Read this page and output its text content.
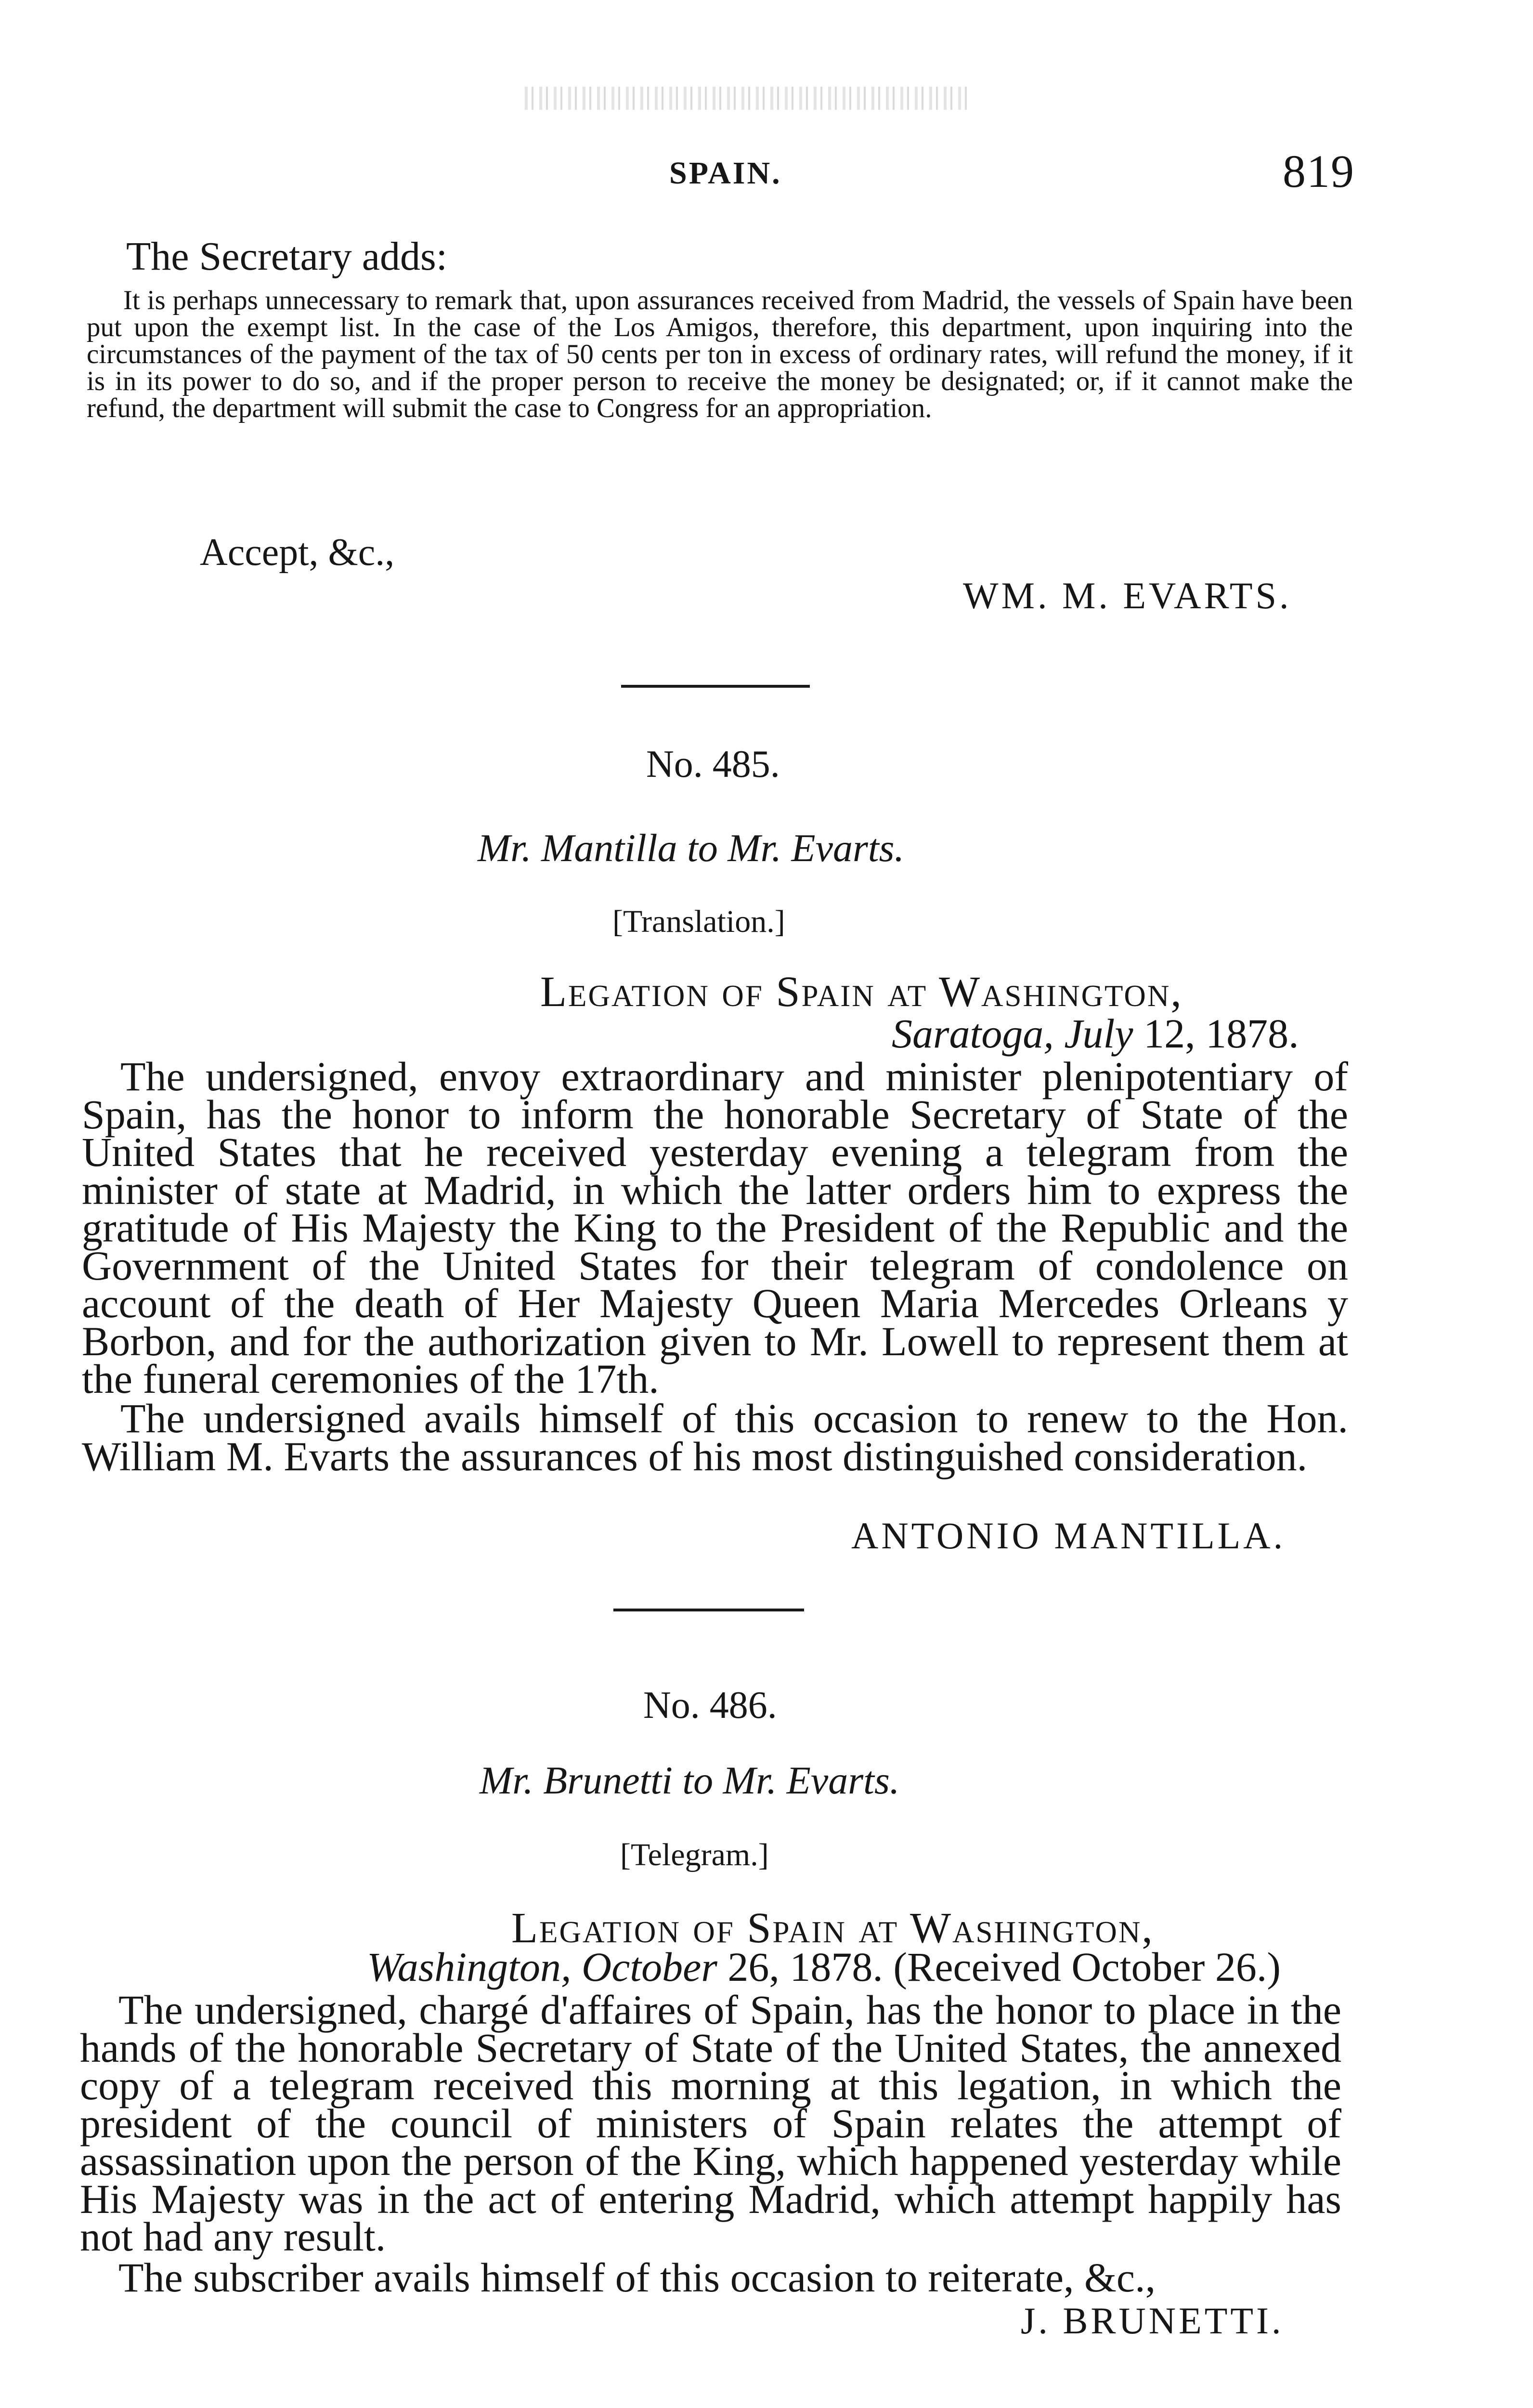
SPAIN.	819
The Secretary adds:
It is perhaps unnecessary to remark that, upon assurances received from Madrid, the vessels of Spain have been put upon the exempt list. In the case of the Los Amigos, therefore, this department, upon inquiring into the circumstances of the payment of the tax of 50 cents per ton in excess of ordinary rates, will refund the money, if it is in its power to do so, and if the proper person to receive the money be designated; or, if it cannot make the refund, the department will submit the case to Congress for an appropriation.
Accept, &c.,
WM. M. EVARTS.
No. 485.
Mr. Mantilla to Mr. Evarts.
[Translation.]
Legation of Spain at Washington,
Saratoga, July 12, 1878.
The undersigned, envoy extraordinary and minister plenipotentiary of Spain, has the honor to inform the honorable Secretary of State of the United States that he received yesterday evening a telegram from the minister of state at Madrid, in which the latter orders him to express the gratitude of His Majesty the King to the President of the Republic and the Government of the United States for their telegram of condolence on account of the death of Her Majesty Queen Maria Mercedes Orleans y Borbon, and for the authorization given to Mr. Lowell to represent them at the funeral ceremonies of the 17th.
The undersigned avails himself of this occasion to renew to the Hon. William M. Evarts the assurances of his most distinguished consideration.
ANTONIO MANTILLA.
No. 486.
Mr. Brunetti to Mr. Evarts.
[Telegram.]
Legation of Spain at Washington,
Washington, October 26, 1878. (Received October 26.)
The undersigned, chargé d'affaires of Spain, has the honor to place in the hands of the honorable Secretary of State of the United States, the annexed copy of a telegram received this morning at this legation, in which the president of the council of ministers of Spain relates the attempt of assassination upon the person of the King, which happened yesterday while His Majesty was in the act of entering Madrid, which attempt happily has not had any result.
The subscriber avails himself of this occasion to reiterate, &c.,
J. BRUNETTI.
